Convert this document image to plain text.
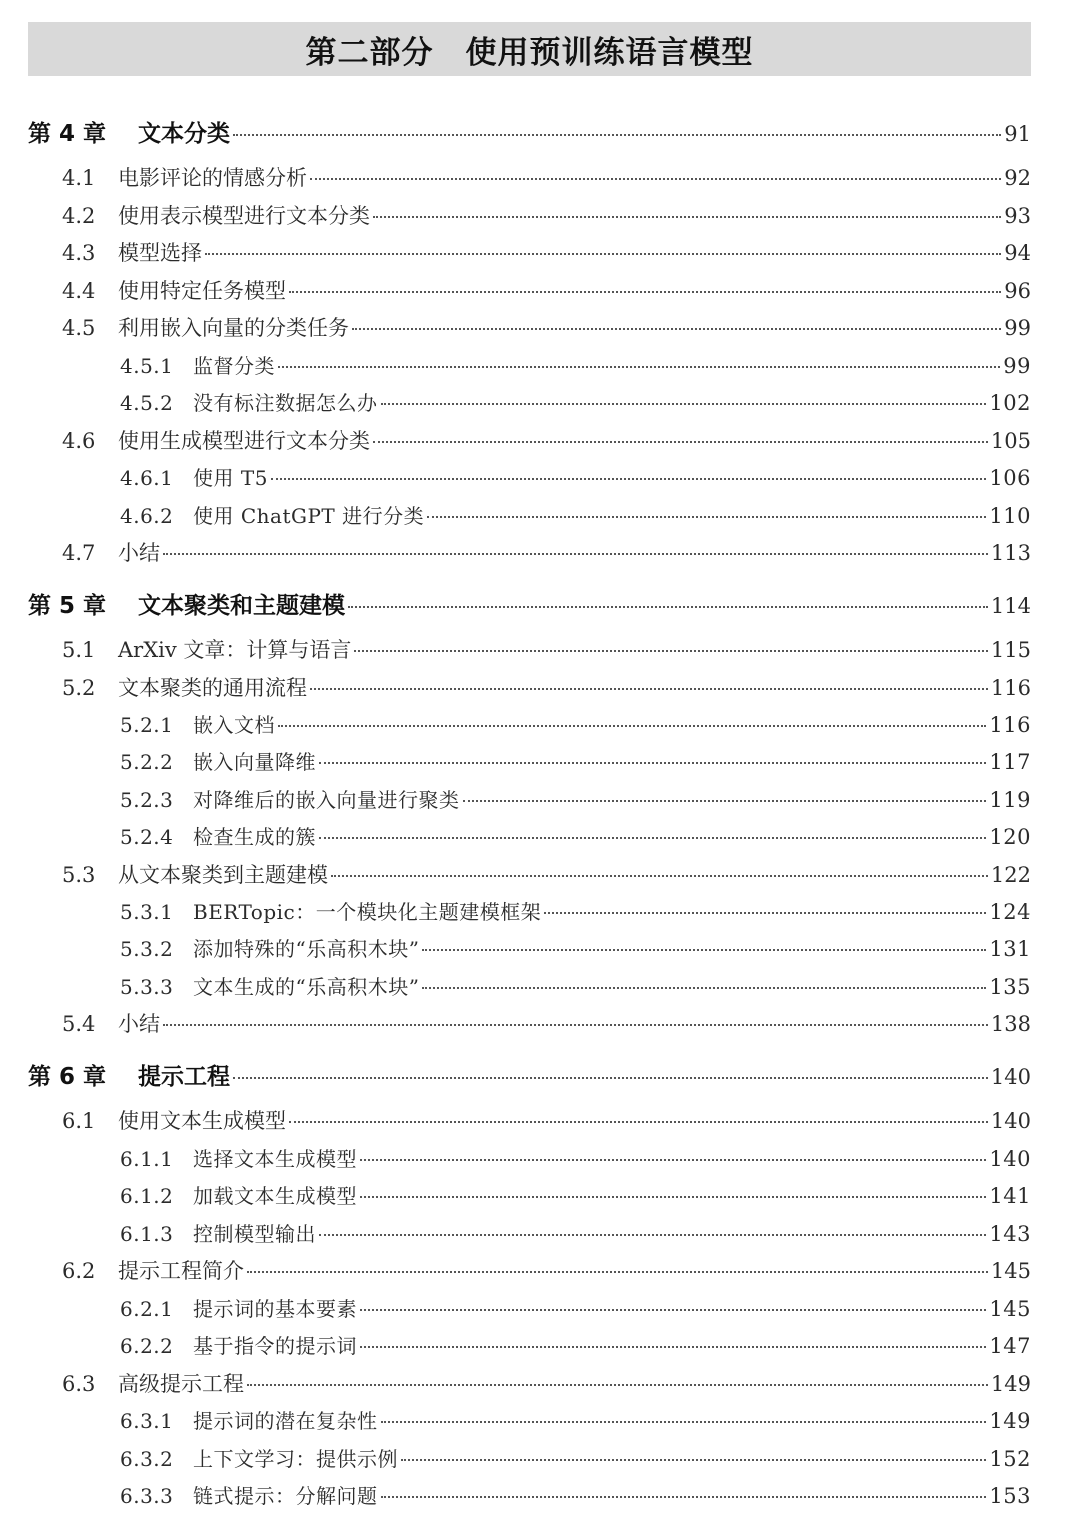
第二部分　使用预训练语言模型
第 4 章	文本分类	91
4.1	电影评论的情感分析	92
4.2	使用表示模型进行文本分类	93
4.3	模型选择	94
4.4	使用特定任务模型	96
4.5	利用嵌入向量的分类任务	99
4.5.1 监督分类	99
4.5.2 没有标注数据怎么办	102
4.6	使用生成模型进行文本分类	105
4.6.1 使用 T5	106
4.6.2 使用 ChatGPT 进行分类	110
4.7	小结	113
第 5 章	文本聚类和主题建模	114
5.1	ArXiv 文章：计算与语言	115
5.2	文本聚类的通用流程	116
5.2.1 嵌入文档	116
5.2.2 嵌入向量降维	117
5.2.3 对降维后的嵌入向量进行聚类	119
5.2.4 检查生成的簇	120
5.3	从文本聚类到主题建模	122
5.3.1 BERTopic：一个模块化主题建模框架	124
5.3.2 添加特殊的“乐高积木块”	131
5.3.3 文本生成的“乐高积木块”	135
5.4	小结	138
第 6 章	提示工程	140
6.1	使用文本生成模型	140
6.1.1 选择文本生成模型	140
6.1.2 加载文本生成模型	141
6.1.3 控制模型输出	143
6.2	提示工程简介	145
6.2.1 提示词的基本要素	145
6.2.2 基于指令的提示词	147
6.3	高级提示工程	149
6.3.1 提示词的潜在复杂性	149
6.3.2 上下文学习：提供示例	152
6.3.3 链式提示：分解问题	153
